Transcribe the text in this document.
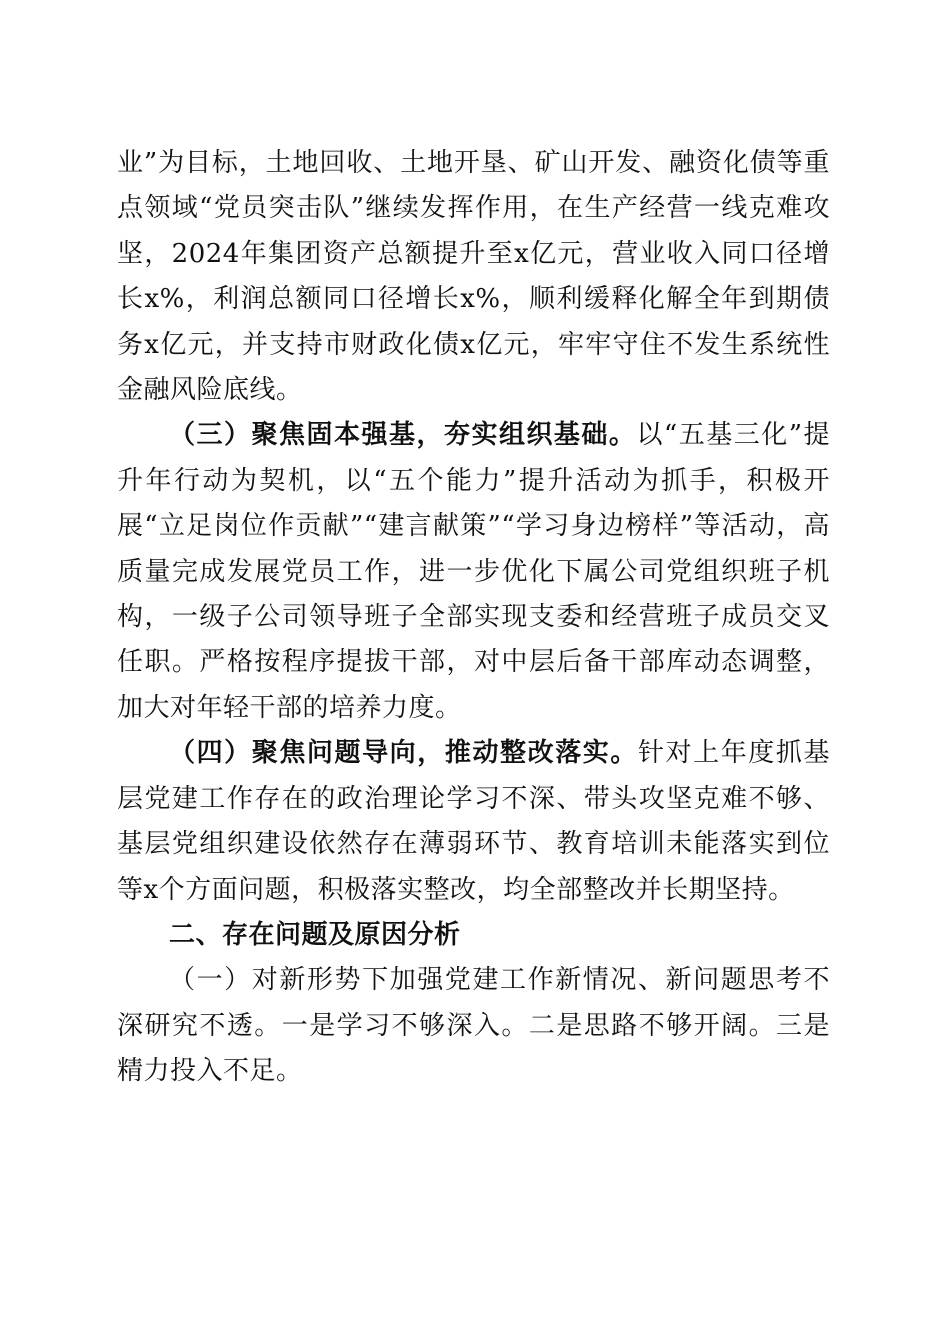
业”为目标，土地回收、土地开垦、矿山开发、融资化债等重点领域“党员突击队”继续发挥作用，在生产经营一线克难攻坚，2024年集团资产总额提升至x亿元，营业收入同口径增长x%，利润总额同口径增长x%，顺利缓释化解全年到期债务x亿元，并支持市财政化债x亿元，牢牢守住不发生系统性金融风险底线。

（三）聚焦固本强基，夯实组织基础。以“五基三化”提升年行动为契机，以“五个能力”提升活动为抓手，积极开展“立足岗位作贡献”“建言献策”“学习身边榜样”等活动，高质量完成发展党员工作，进一步优化下属公司党组织班子机构，一级子公司领导班子全部实现支委和经营班子成员交叉任职。严格按程序提拔干部，对中层后备干部库动态调整，加大对年轻干部的培养力度。

（四）聚焦问题导向，推动整改落实。针对上年度抓基层党建工作存在的政治理论学习不深、带头攻坚克难不够、基层党组织建设依然存在薄弱环节、教育培训未能落实到位等x个方面问题，积极落实整改，均全部整改并长期坚持。

二、存在问题及原因分析

（一）对新形势下加强党建工作新情况、新问题思考不深研究不透。一是学习不够深入。二是思路不够开阔。三是精力投入不足。
